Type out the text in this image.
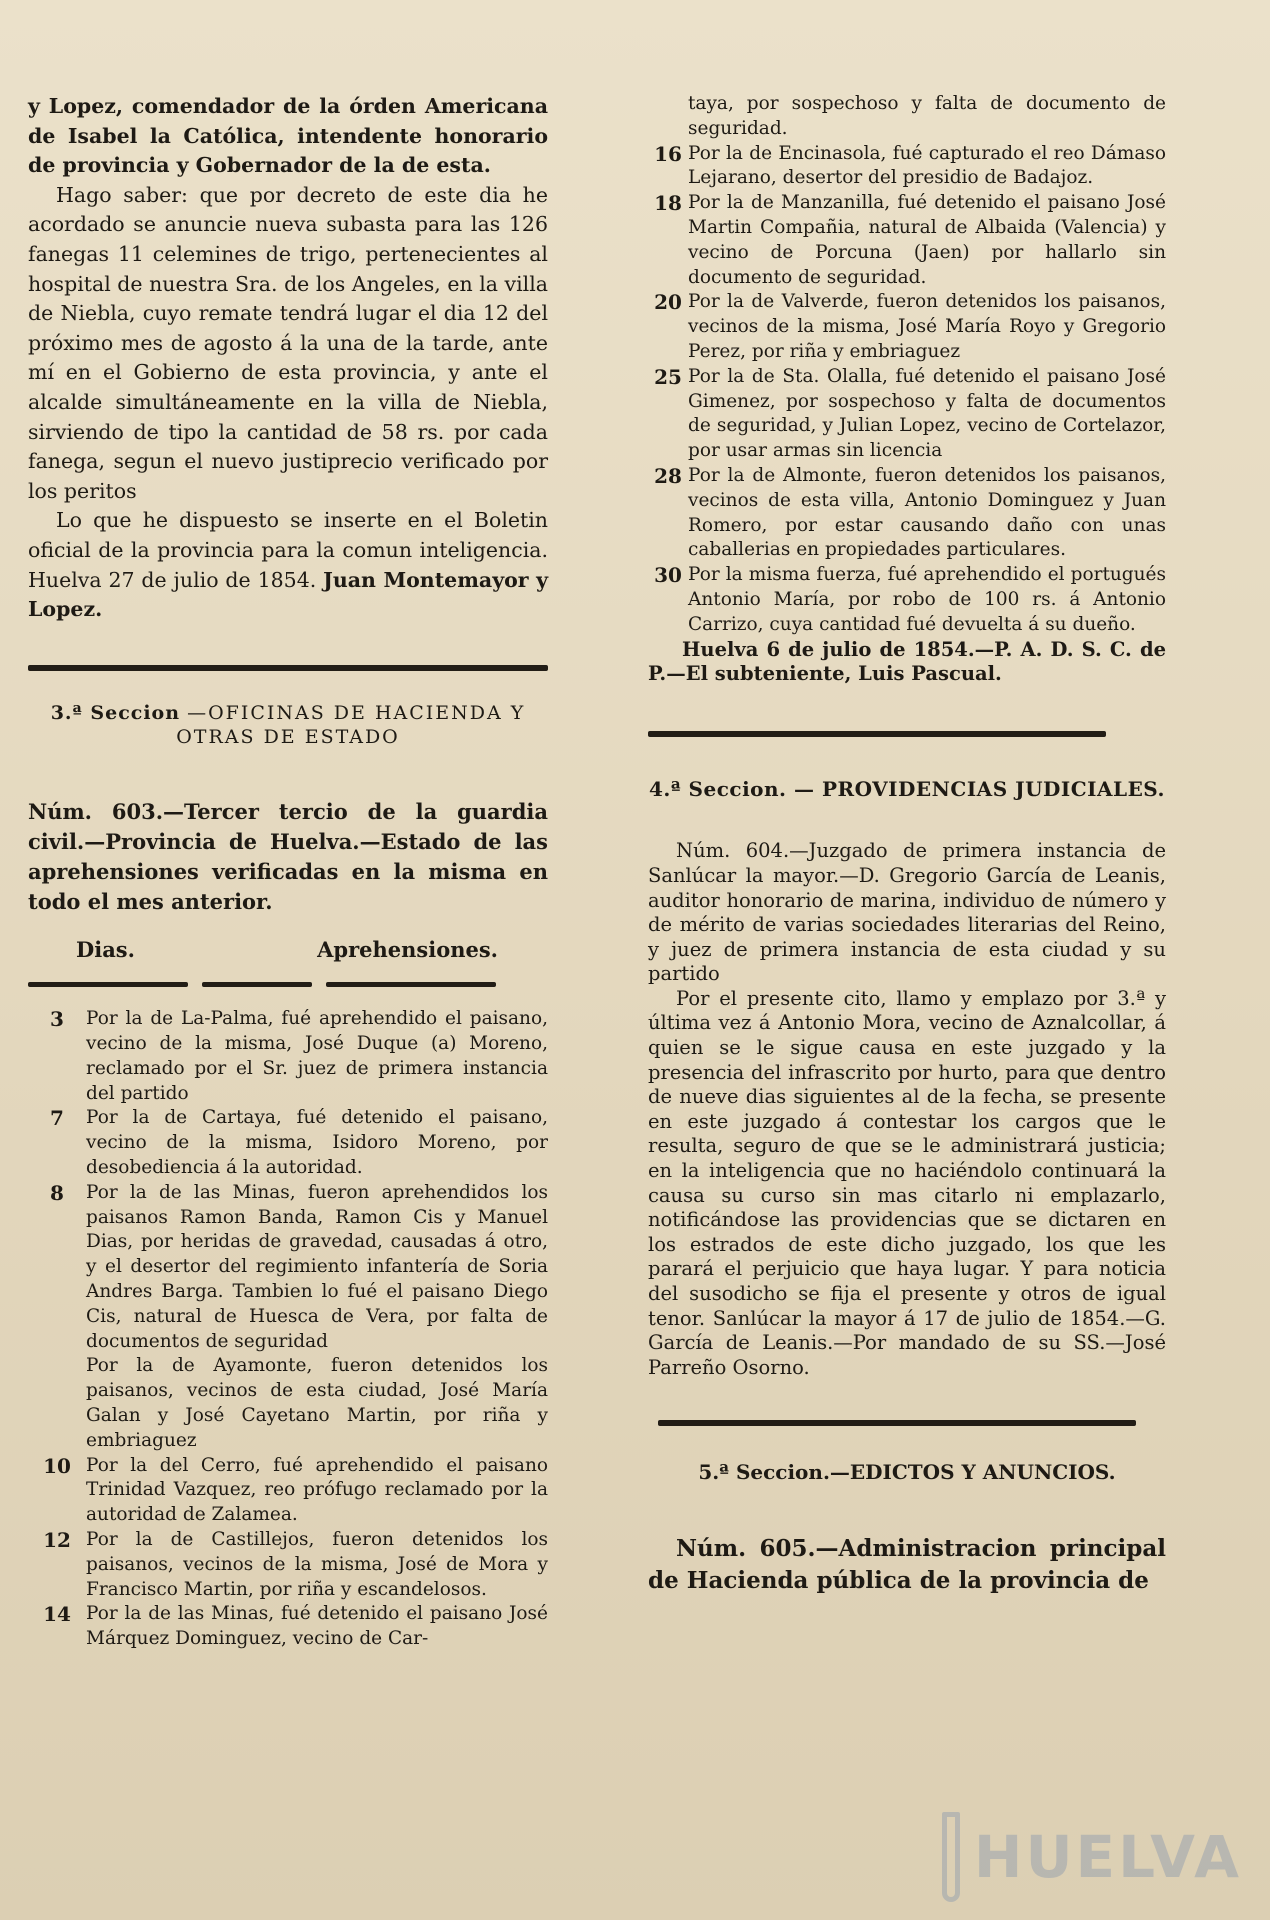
y Lopez, comendador de la órden Americana de Isabel la Católica, intendente honorario de provincia y Gobernador de la de esta.

Hago saber: que por decreto de este dia he acordado se anuncie nueva subasta para las 126 fanegas 11 celemines de trigo, pertenecientes al hospital de nuestra Sra. de los Angeles, en la villa de Niebla, cuyo remate tendrá lugar el dia 12 del próximo mes de agosto á la una de la tarde, ante mí en el Gobierno de esta provincia, y ante el alcalde simultáneamente en la villa de Niebla, sirviendo de tipo la cantidad de 58 rs. por cada fanega, segun el nuevo justiprecio verificado por los peritos

Lo que he dispuesto se inserte en el Boletin oficial de la provincia para la comun inteligencia. Huelva 27 de julio de 1854. Juan Montemayor y Lopez.

3.ª Seccion —OFICINAS DE HACIENDA Y OTRAS DE ESTADO

Núm. 603.—Tercer tercio de la guardia civil.—Provincia de Huelva.—Estado de las aprehensiones verificadas en la misma en todo el mes anterior.

Dias.	Aprehensiones.
3	Por la de La-Palma, fué aprehendido el paisano, vecino de la misma, José Duque (a) Moreno, reclamado por el Sr. juez de primera instancia del partido
7	Por la de Cartaya, fué detenido el paisano, vecino de la misma, Isidoro Moreno, por desobediencia á la autoridad.
8	Por la de las Minas, fueron aprehendidos los paisanos Ramon Banda, Ramon Cis y Manuel Dias, por heridas de gravedad, causadas á otro, y el desertor del regimiento infantería de Soria Andres Barga. Tambien lo fué el paisano Diego Cis, natural de Huesca de Vera, por falta de documentos de seguridad
Por la de Ayamonte, fueron detenidos los paisanos, vecinos de esta ciudad, José María Galan y José Cayetano Martin, por riña y embriaguez
10 Por la del Cerro, fué aprehendido el paisano Trinidad Vazquez, reo prófugo reclamado por la autoridad de Zalamea.
12 Por la de Castillejos, fueron detenidos los paisanos, vecinos de la misma, José de Mora y Francisco Martin, por riña y escandelosos.
14 Por la de las Minas, fué detenido el paisano José Márquez Dominguez, vecino de Car-
taya, por sospechoso y falta de documento de seguridad.
16 Por la de Encinasola, fué capturado el reo Dámaso Lejarano, desertor del presidio de Badajoz.
18 Por la de Manzanilla, fué detenido el paisano José Martin Compañia, natural de Albaida (Valencia) y vecino de Porcuna (Jaen) por hallarlo sin documento de seguridad.
20 Por la de Valverde, fueron detenidos los paisanos, vecinos de la misma, José María Royo y Gregorio Perez, por riña y embriaguez
25 Por la de Sta. Olalla, fué detenido el paisano José Gimenez, por sospechoso y falta de documentos de seguridad, y Julian Lopez, vecino de Cortelazor, por usar armas sin licencia
28 Por la de Almonte, fueron detenidos los paisanos, vecinos de esta villa, Antonio Dominguez y Juan Romero, por estar causando daño con unas caballerias en propiedades particulares.
30 Por la misma fuerza, fué aprehendido el portugués Antonio María, por robo de 100 rs. á Antonio Carrizo, cuya cantidad fué devuelta á su dueño.

Huelva 6 de julio de 1854.—P. A. D. S. C. de P.—El subteniente, Luis Pascual.

4.ª Seccion. — PROVIDENCIAS JUDICIALES.

Núm. 604.—Juzgado de primera instancia de Sanlúcar la mayor.—D. Gregorio García de Leanis, auditor honorario de marina, individuo de número y de mérito de varias sociedades literarias del Reino, y juez de primera instancia de esta ciudad y su partido

Por el presente cito, llamo y emplazo por 3.ª y última vez á Antonio Mora, vecino de Aznalcollar, á quien se le sigue causa en este juzgado y la presencia del infrascrito por hurto, para que dentro de nueve dias siguientes al de la fecha, se presente en este juzgado á contestar los cargos que le resulta, seguro de que se le administrará justicia; en la inteligencia que no haciéndolo continuará la causa su curso sin mas citarlo ni emplazarlo, notificándose las providencias que se dictaren en los estrados de este dicho juzgado, los que les parará el perjuicio que haya lugar. Y para noticia del susodicho se fija el presente y otros de igual tenor. Sanlúcar la mayor á 17 de julio de 1854.—G. García de Leanis.—Por mandado de su SS.—José Parreño Osorno.

5.ª Seccion.—EDICTOS Y ANUNCIOS.

Núm. 605.—Administracion principal de Hacienda pública de la provincia de

HUELVA
